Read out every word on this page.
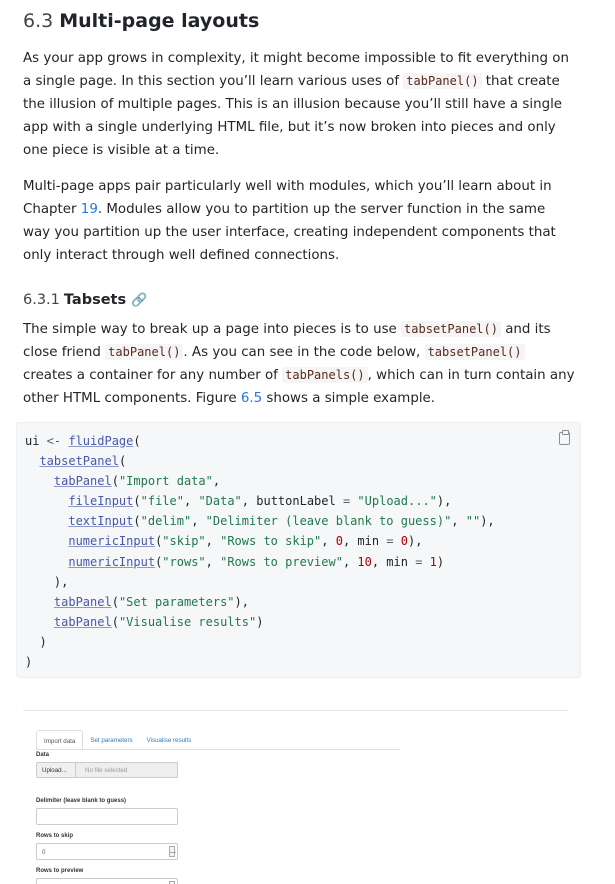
6.3 Multi-page layouts

As your app grows in complexity, it might become impossible to fit everything on a single page. In this section you’ll learn various uses of tabPanel() that create the illusion of multiple pages. This is an illusion because you’ll still have a single app with a single underlying HTML file, but it’s now broken into pieces and only one piece is visible at a time.

Multi-page apps pair particularly well with modules, which you’ll learn about in Chapter 19. Modules allow you to partition up the server function in the same way you partition up the user interface, creating independent components that only interact through well defined connections.

6.3.1 Tabsets 🔗

The simple way to break up a page into pieces is to use tabsetPanel() and its close friend tabPanel() . As you can see in the code below, tabsetPanel() creates a container for any number of tabPanels() , which can in turn contain any other HTML components. Figure 6.5 shows a simple example.

ui <- fluidPage(
tabsetPanel(
tabPanel("Import data",
fileInput("file", "Data", buttonLabel = "Upload..."),
textInput("delim", "Delimiter (leave blank to guess)", ""),
numericInput("skip", "Rows to skip", 0, min = 0),
numericInput("rows", "Rows to preview", 10, min = 1)
),
tabPanel("Set parameters"),
tabPanel("Visualise results")
)
)
Import data	Set parameters	Visualise results
Data
Upload...	No file selected
Delimiter (leave blank to guess)
Rows to skip
0
Rows to preview
